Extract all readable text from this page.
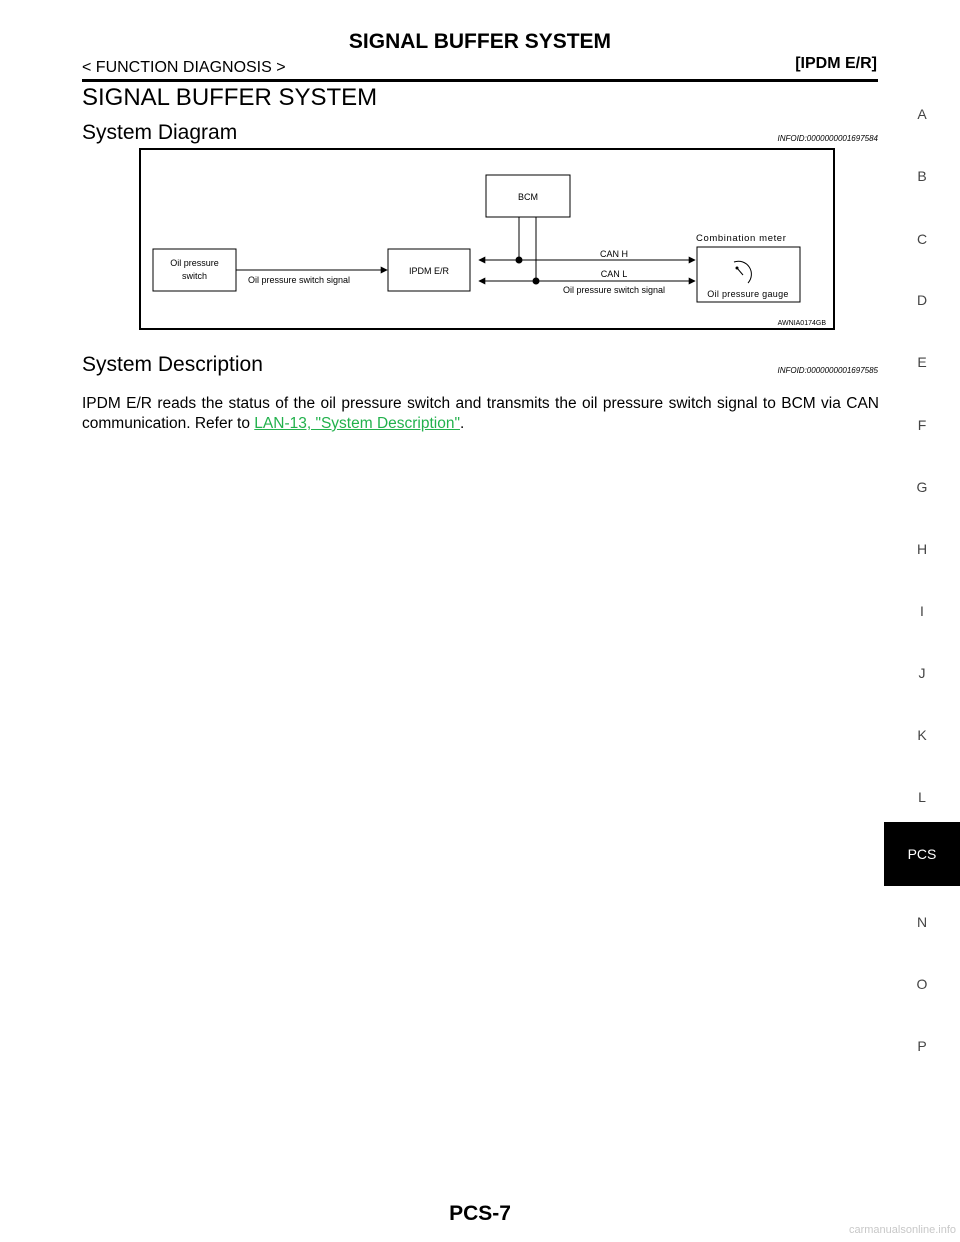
SIGNAL BUFFER SYSTEM
< FUNCTION DIAGNOSIS >	[IPDM E/R]
SIGNAL BUFFER SYSTEM
System Diagram	INFOID:0000000001697584
Oil pressure
switch	Oil pressure switch signal
IPDM E/R
BCM
CAN H
CAN L
Oil pressure switch signal
Combination meter
Oil pressure gauge
AWNIA0174GB
System Description	INFOID:0000000001697585
IPDM E/R reads the status of the oil pressure switch and transmits the oil pressure switch signal to BCM via CAN communication. Refer to LAN-13, "System Description".
A
B
C
D
E
F
G
H
I
J
K
L
PCS
N
O
P
PCS-7
carmanualsonline.info
